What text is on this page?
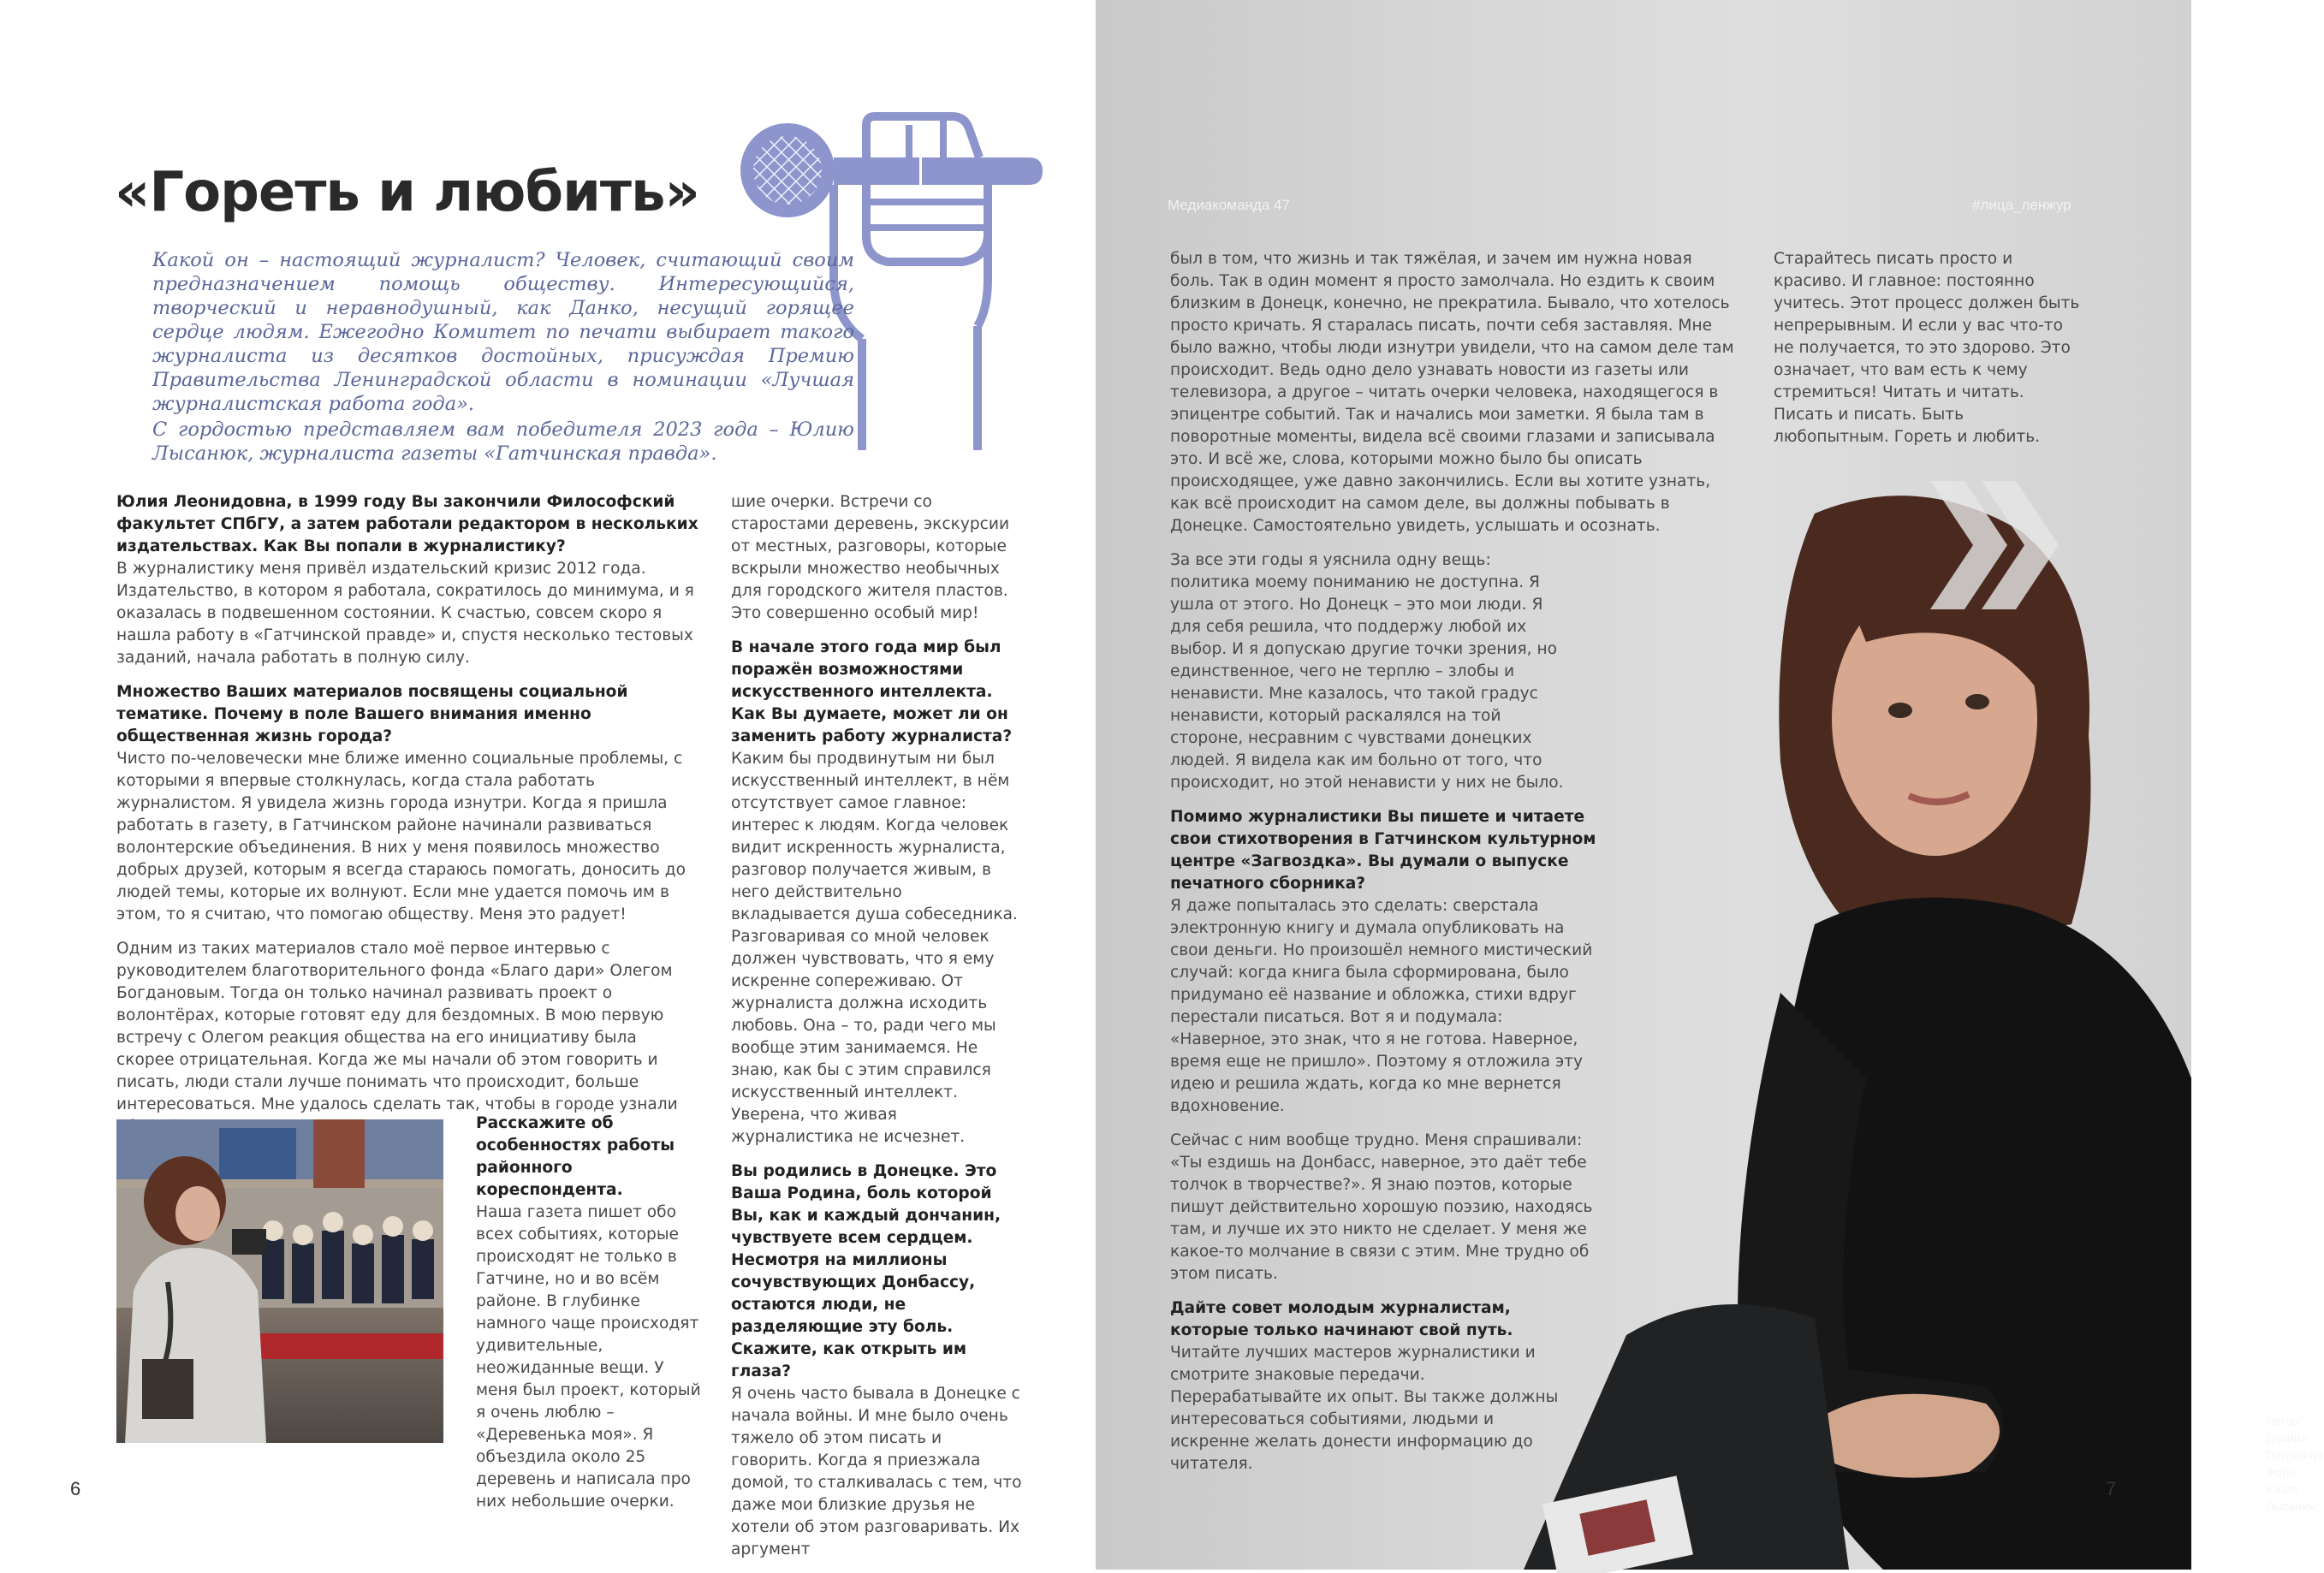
«Гореть и любить»
Какой он – настоящий журналист? Человек, считающий своим предназначением помощь обществу. Интересующийся, творческий и неравнодушный, как Данко, несущий горящее сердце людям. Ежегодно Комитет по печати выбирает такого журналиста из десятков достойных, присуждая Премию Правительства Ленинградской области в номинации «Лучшая журналистская работа года».
С гордостью представляем вам победителя 2023 года – Юлию Лысанюк, журналиста газеты «Гатчинская правда».

Юлия Леонидовна, в 1999 году Вы закончили Философский факультет СПбГУ, а затем работали редактором в нескольких издательствах. Как Вы попали в журналистику?
В журналистику меня привёл издательский кризис 2012 года. Издательство, в котором я работала, сократилось до минимума, и я оказалась в подвешенном состоянии. К счастью, совсем скоро я нашла работу в «Гатчинской правде» и, спустя несколько тестовых заданий, начала работать в полную силу.

Множество Ваших материалов посвящены социальной тематике. Почему в поле Вашего внимания именно общественная жизнь города?
Чисто по-человечески мне ближе именно социальные проблемы, с которыми я впервые столкнулась, когда стала работать журналистом. Я увидела жизнь города изнутри. Когда я пришла работать в газету, в Гатчинском районе начинали развиваться волонтерские объединения. В них у меня появилось множество добрых друзей, которым я всегда стараюсь помогать, доносить до людей темы, которые их волнуют. Если мне удается помочь им в этом, то я считаю, что помогаю обществу. Меня это радует!

Одним из таких материалов стало моё первое интервью с руководителем благотворительного фонда «Благо дари» Олегом Богдановым. Тогда он только начинал развивать проект о волонтёрах, которые готовят еду для бездомных. В мою первую встречу с Олегом реакция общества на его инициативу была скорее отрицательная. Когда же мы начали об этом говорить и писать, люди стали лучше понимать что происходит, больше интересоваться. Мне удалось сделать так, чтобы в городе узнали

Расскажите об особенностях работы районного кореспондента.
Наша газета пишет обо всех событиях, которые происходят не только в Гатчине, но и во всём районе. В глубинке намного чаще происходят удивительные, неожиданные вещи. У меня был проект, который я очень люблю – «Деревенька моя». Я объездила около 25 деревень и написала про них небольшие очерки.

шие очерки. Встречи со старостами деревень, экскурсии от местных, разговоры, которые вскрыли множество необычных для городского жителя пластов. Это совершенно особый мир!

В начале этого года мир был поражён возможностями искусственного интеллекта. Как Вы думаете, может ли он заменить работу журналиста?
Каким бы продвинутым ни был искусственный интеллект, в нём отсутствует самое главное: интерес к людям. Когда человек видит искренность журналиста, разговор получается живым, в него действительно вкладывается душа собеседника. Разговаривая со мной человек должен чувствовать, что я ему искренне сопереживаю. От журналиста должна исходить любовь. Она – то, ради чего мы вообще этим занимаемся. Не знаю, как бы с этим справился искусственный интеллект. Уверена, что живая журналистика не исчезнет.

Вы родились в Донецке. Это Ваша Родина, боль которой Вы, как и каждый дончанин, чувствуете всем сердцем. Несмотря на миллионы сочувствующих Донбассу, остаются люди, не разделяющие эту боль. Скажите, как открыть им глаза?
Я очень часто бывала в Донецке с начала войны. И мне было очень тяжело об этом писать и говорить. Когда я приезжала домой, то сталкивалась с тем, что даже мои близкие друзья не хотели об этом разговаривать. Их аргумент

6
Медиакоманда 47	#лица_ленжур

был в том, что жизнь и так тяжёлая, и зачем им нужна новая боль. Так в один момент я просто замолчала. Но ездить к своим близким в Донецк, конечно, не прекратила. Бывало, что хотелось просто кричать. Я старалась писать, почти себя заставляя. Мне было важно, чтобы люди изнутри увидели, что на самом деле там происходит. Ведь одно дело узнавать новости из газеты или телевизора, а другое – читать очерки человека, находящегося в эпицентре событий. Так и начались мои заметки. Я была там в поворотные моменты, видела всё своими глазами и записывала это. И всё же, слова, которыми можно было бы описать происходящее, уже давно закончились. Если вы хотите узнать, как всё происходит на самом деле, вы должны побывать в Донецке. Самостоятельно увидеть, услышать и осознать.

За все эти годы я уяснила одну вещь: политика моему пониманию не доступна. Я ушла от этого. Но Донецк – это мои люди. Я для себя решила, что поддержу любой их выбор. И я допускаю другие точки зрения, но единственное, чего не терплю – злобы и ненависти. Мне казалось, что такой градус ненависти, который раскалялся на той стороне, несравним с чувствами донецких людей. Я видела как им больно от того, что происходит, но этой ненависти у них не было.

Помимо журналистики Вы пишете и читаете свои стихотворения в Гатчинском культурном центре «Загвоздка». Вы думали о выпуске печатного сборника?
Я даже попыталась это сделать: сверстала электронную книгу и думала опубликовать на свои деньги. Но произошёл немного мистический случай: когда книга была сформирована, было придумано её название и обложка, стихи вдруг перестали писаться. Вот я и подумала: «Наверное, это знак, что я не готова. Наверное, время еще не пришло». Поэтому я отложила эту идею и решила ждать, когда ко мне вернется вдохновение.

Сейчас с ним вообще трудно. Меня спрашивали: «Ты ездишь на Донбасс, наверное, это даёт тебе толчок в творчестве?». Я знаю поэтов, которые пишут действительно хорошую поэзию, находясь там, и лучше их это никто не сделает. У меня же какое-то молчание в связи с этим. Мне трудно об этом писать.

Дайте совет молодым журналистам, которые только начинают свой путь.
Читайте лучших мастеров журналистики и смотрите знаковые передачи. Перерабатывайте их опыт. Вы также должны интересоваться событиями, людьми и искренне желать донести информацию до читателя.

Старайтесь писать просто и красиво. И главное: постоянно учитесь. Этот процесс должен быть непрерывным. И если у вас что-то не получается, то это здорово. Это означает, что вам есть к чему стремиться! Читать и читать. Писать и писать. Быть любопытным. Гореть и любить.

Автор: Даниил Петрийчук
Фото: Юлия Лысанюк
7
